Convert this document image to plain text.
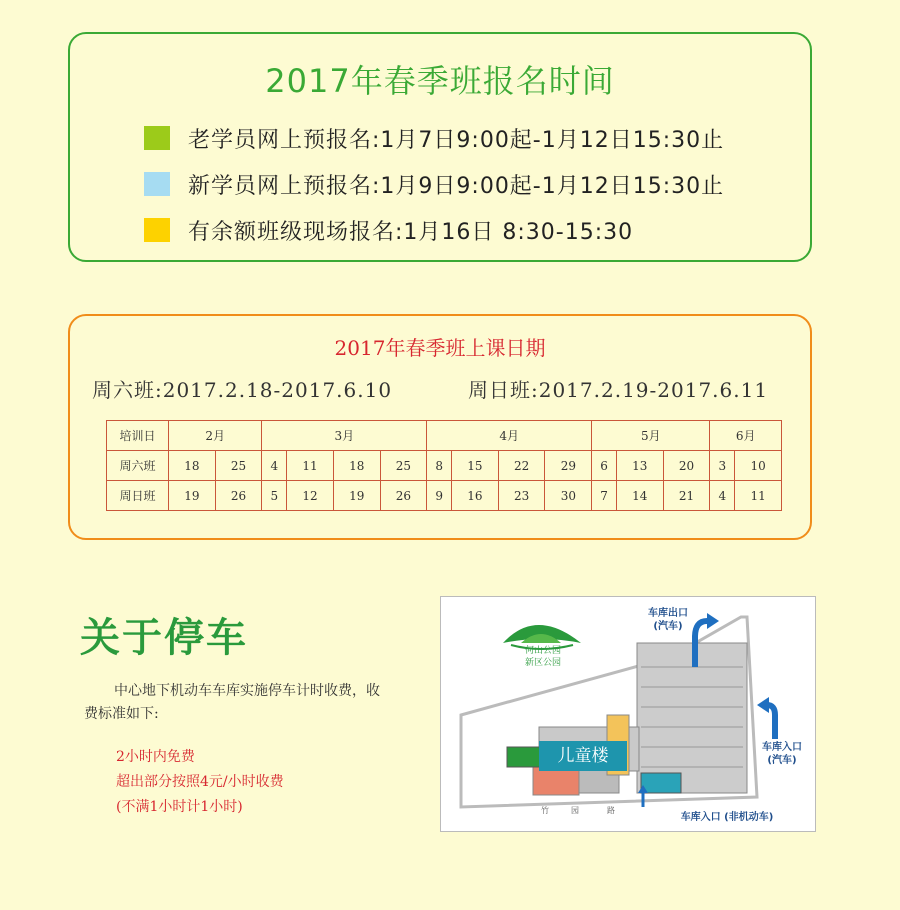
2017年春季班报名时间
老学员网上预报名:1月7日9:00起-1月12日15:30止
新学员网上预报名:1月9日9:00起-1月12日15:30止
有余额班级现场报名:1月16日 8:30-15:30
2017年春季班上课日期
周六班:2017.2.18-2017.6.10	周日班:2017.2.19-2017.6.11
培训日	2月		3月				4月				5月			6月	
周六班	18	25	4	11	18	25	8	15	22	29	6	13	20	3	10
周日班	19	26	5	12	19	26	9	16	23	30	7	14	21	4	11
关于停车
中心地下机动车车库实施停车计时收费，收费标准如下:
2小时内免费
超出部分按照4元/小时收费
(不满1小时计1小时)
何山公园
新区公园
车库出口
(汽车)
车库入口
(汽车)
车库入口 (非机动车)
儿童楼
竹	园	路
